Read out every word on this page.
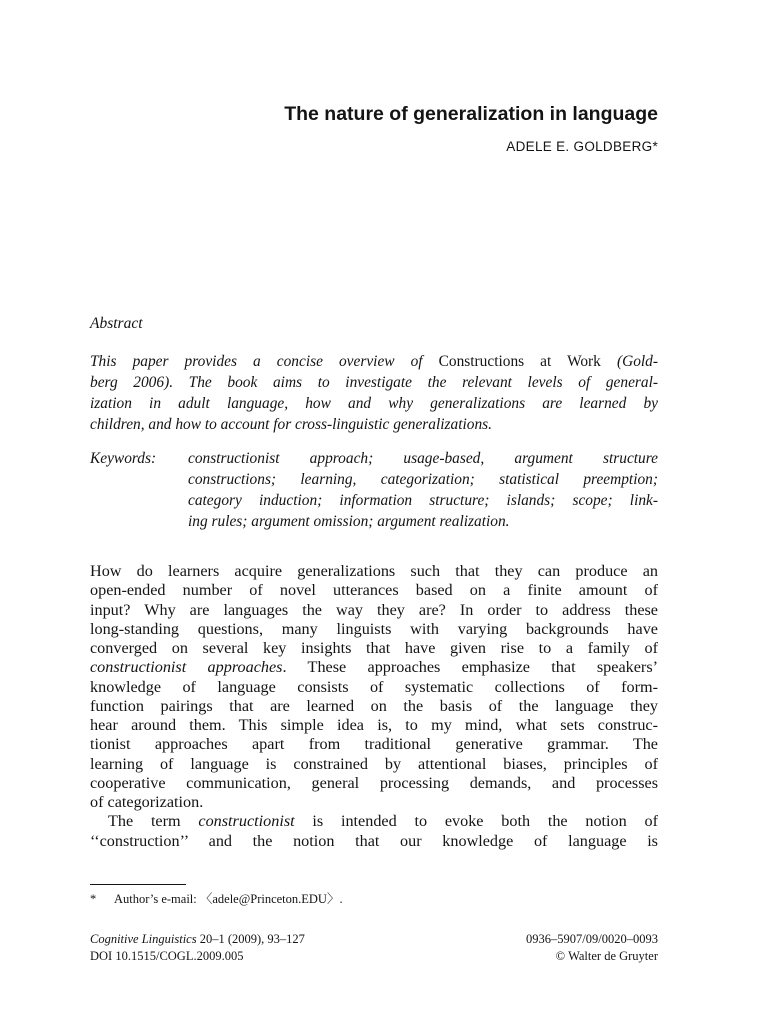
The nature of generalization in language
ADELE E. GOLDBERG*
Abstract
This paper provides a concise overview of Constructions at Work (Gold-
berg 2006). The book aims to investigate the relevant levels of general-
ization in adult language, how and why generalizations are learned by
children, and how to account for cross-linguistic generalizations.
Keywords: constructionist approach; usage-based, argument structure
constructions; learning, categorization; statistical preemption;
category induction; information structure; islands; scope; link-
ing rules; argument omission; argument realization.
How do learners acquire generalizations such that they can produce an
open-ended number of novel utterances based on a finite amount of
input? Why are languages the way they are? In order to address these
long-standing questions, many linguists with varying backgrounds have
converged on several key insights that have given rise to a family of
constructionist approaches. These approaches emphasize that speakers’
knowledge of language consists of systematic collections of form-
function pairings that are learned on the basis of the language they
hear around them. This simple idea is, to my mind, what sets construc-
tionist approaches apart from traditional generative grammar. The
learning of language is constrained by attentional biases, principles of
cooperative communication, general processing demands, and processes
of categorization.
The term constructionist is intended to evoke both the notion of
‘‘construction’’ and the notion that our knowledge of language is
* Author’s e-mail: 〈adele@Princeton.EDU〉.
Cognitive Linguistics 20–1 (2009), 93–127
DOI 10.1515/COGL.2009.005
0936–5907/09/0020–0093
© Walter de Gruyter
